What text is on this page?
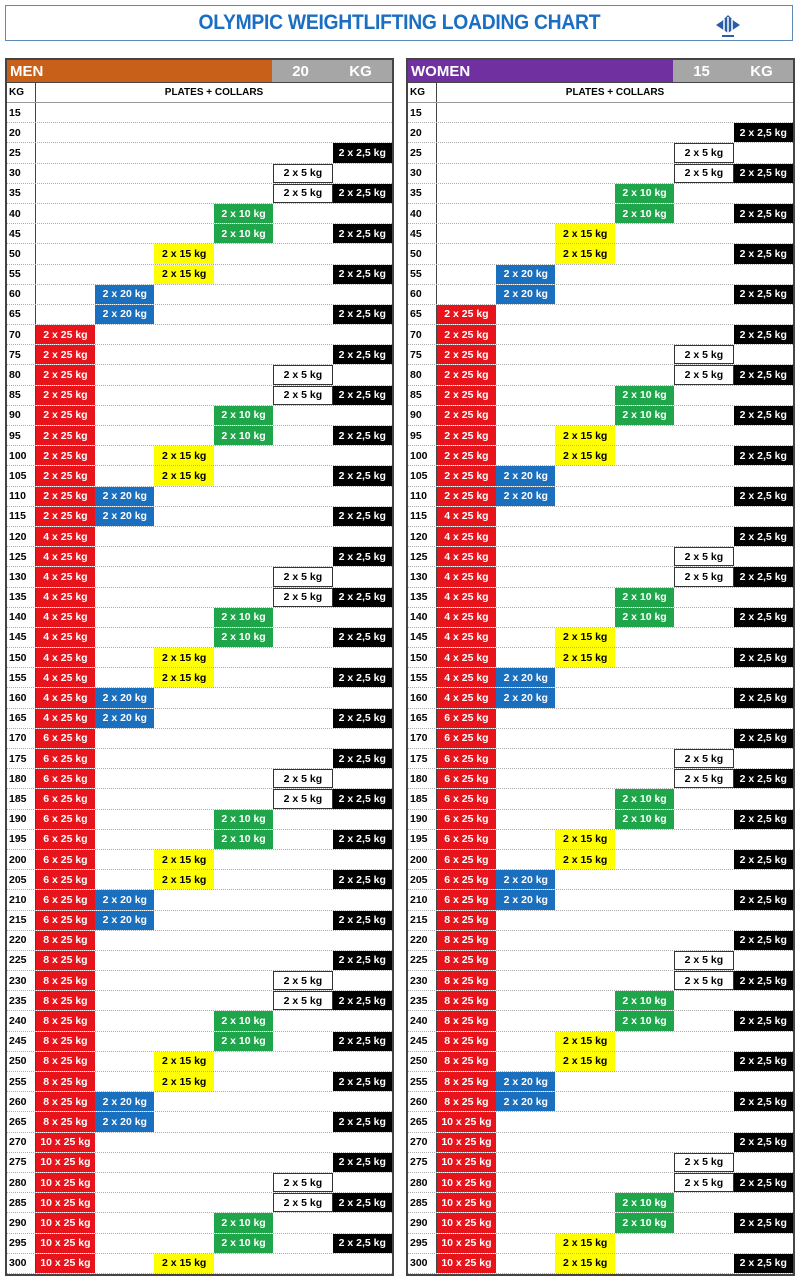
OLYMPIC WEIGHTLIFTING LOADING CHART
MEN	20	KG
KG	PLATES + COLLARS
15
20
25	2 x 2,5 kg
30	2 x 5 kg
35	2 x 5 kg	2 x 2,5 kg
40	2 x 10 kg
45	2 x 10 kg	2 x 2,5 kg
50	2 x 15 kg
55	2 x 15 kg	2 x 2,5 kg
60	2 x 20 kg
65	2 x 20 kg	2 x 2,5 kg
70	2 x 25 kg
75	2 x 25 kg	2 x 2,5 kg
80	2 x 25 kg	2 x 5 kg
85	2 x 25 kg	2 x 5 kg	2 x 2,5 kg
90	2 x 25 kg	2 x 10 kg
95	2 x 25 kg	2 x 10 kg	2 x 2,5 kg
100	2 x 25 kg	2 x 15 kg
105	2 x 25 kg	2 x 15 kg	2 x 2,5 kg
110	2 x 25 kg	2 x 20 kg
115	2 x 25 kg	2 x 20 kg	2 x 2,5 kg
120	4 x 25 kg
125	4 x 25 kg	2 x 2,5 kg
130	4 x 25 kg	2 x 5 kg
135	4 x 25 kg	2 x 5 kg	2 x 2,5 kg
140	4 x 25 kg	2 x 10 kg
145	4 x 25 kg	2 x 10 kg	2 x 2,5 kg
150	4 x 25 kg	2 x 15 kg
155	4 x 25 kg	2 x 15 kg	2 x 2,5 kg
160	4 x 25 kg	2 x 20 kg
165	4 x 25 kg	2 x 20 kg	2 x 2,5 kg
170	6 x 25 kg
175	6 x 25 kg	2 x 2,5 kg
180	6 x 25 kg	2 x 5 kg
185	6 x 25 kg	2 x 5 kg	2 x 2,5 kg
190	6 x 25 kg	2 x 10 kg
195	6 x 25 kg	2 x 10 kg	2 x 2,5 kg
200	6 x 25 kg	2 x 15 kg
205	6 x 25 kg	2 x 15 kg	2 x 2,5 kg
210	6 x 25 kg	2 x 20 kg
215	6 x 25 kg	2 x 20 kg	2 x 2,5 kg
220	8 x 25 kg
225	8 x 25 kg	2 x 2,5 kg
230	8 x 25 kg	2 x 5 kg
235	8 x 25 kg	2 x 5 kg	2 x 2,5 kg
240	8 x 25 kg	2 x 10 kg
245	8 x 25 kg	2 x 10 kg	2 x 2,5 kg
250	8 x 25 kg	2 x 15 kg
255	8 x 25 kg	2 x 15 kg	2 x 2,5 kg
260	8 x 25 kg	2 x 20 kg
265	8 x 25 kg	2 x 20 kg	2 x 2,5 kg
270	10 x 25 kg
275	10 x 25 kg	2 x 2,5 kg
280	10 x 25 kg	2 x 5 kg
285	10 x 25 kg	2 x 5 kg	2 x 2,5 kg
290	10 x 25 kg	2 x 10 kg
295	10 x 25 kg	2 x 10 kg	2 x 2,5 kg
300	10 x 25 kg	2 x 15 kg
WOMEN	15	KG
KG	PLATES + COLLARS
15
20	2 x 2,5 kg
25	2 x 5 kg
30	2 x 5 kg	2 x 2,5 kg
35	2 x 10 kg
40	2 x 10 kg	2 x 2,5 kg
45	2 x 15 kg
50	2 x 15 kg	2 x 2,5 kg
55	2 x 20 kg
60	2 x 20 kg	2 x 2,5 kg
65	2 x 25 kg
70	2 x 25 kg	2 x 2,5 kg
75	2 x 25 kg	2 x 5 kg
80	2 x 25 kg	2 x 5 kg	2 x 2,5 kg
85	2 x 25 kg	2 x 10 kg
90	2 x 25 kg	2 x 10 kg	2 x 2,5 kg
95	2 x 25 kg	2 x 15 kg
100	2 x 25 kg	2 x 15 kg	2 x 2,5 kg
105	2 x 25 kg	2 x 20 kg
110	2 x 25 kg	2 x 20 kg	2 x 2,5 kg
115	4 x 25 kg
120	4 x 25 kg	2 x 2,5 kg
125	4 x 25 kg	2 x 5 kg
130	4 x 25 kg	2 x 5 kg	2 x 2,5 kg
135	4 x 25 kg	2 x 10 kg
140	4 x 25 kg	2 x 10 kg	2 x 2,5 kg
145	4 x 25 kg	2 x 15 kg
150	4 x 25 kg	2 x 15 kg	2 x 2,5 kg
155	4 x 25 kg	2 x 20 kg
160	4 x 25 kg	2 x 20 kg	2 x 2,5 kg
165	6 x 25 kg
170	6 x 25 kg	2 x 2,5 kg
175	6 x 25 kg	2 x 5 kg
180	6 x 25 kg	2 x 5 kg	2 x 2,5 kg
185	6 x 25 kg	2 x 10 kg
190	6 x 25 kg	2 x 10 kg	2 x 2,5 kg
195	6 x 25 kg	2 x 15 kg
200	6 x 25 kg	2 x 15 kg	2 x 2,5 kg
205	6 x 25 kg	2 x 20 kg
210	6 x 25 kg	2 x 20 kg	2 x 2,5 kg
215	8 x 25 kg
220	8 x 25 kg	2 x 2,5 kg
225	8 x 25 kg	2 x 5 kg
230	8 x 25 kg	2 x 5 kg	2 x 2,5 kg
235	8 x 25 kg	2 x 10 kg
240	8 x 25 kg	2 x 10 kg	2 x 2,5 kg
245	8 x 25 kg	2 x 15 kg
250	8 x 25 kg	2 x 15 kg	2 x 2,5 kg
255	8 x 25 kg	2 x 20 kg
260	8 x 25 kg	2 x 20 kg	2 x 2,5 kg
265	10 x 25 kg
270	10 x 25 kg	2 x 2,5 kg
275	10 x 25 kg	2 x 5 kg
280	10 x 25 kg	2 x 5 kg	2 x 2,5 kg
285	10 x 25 kg	2 x 10 kg
290	10 x 25 kg	2 x 10 kg	2 x 2,5 kg
295	10 x 25 kg	2 x 15 kg
300	10 x 25 kg	2 x 15 kg	2 x 2,5 kg
